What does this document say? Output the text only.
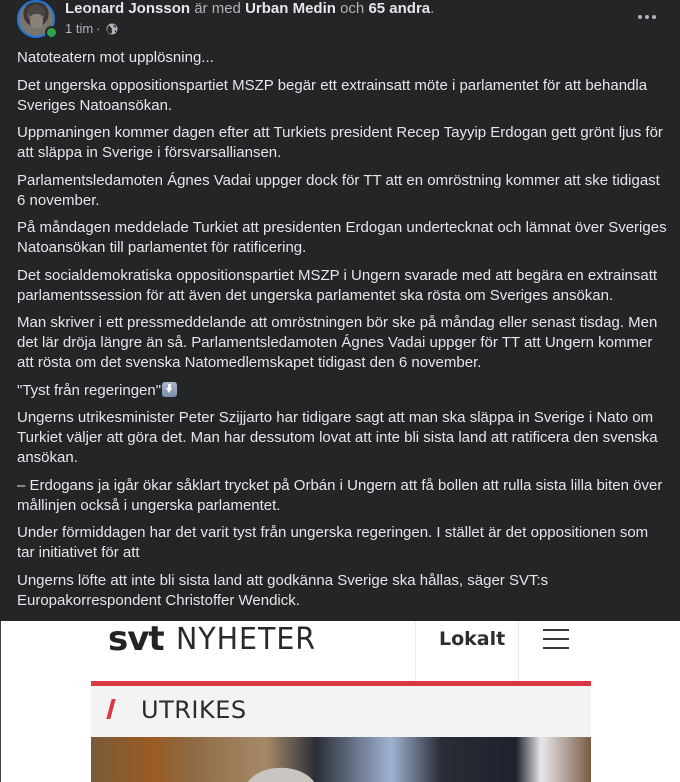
Leonard Jonsson är med Urban Medin och 65 andra.
1 tim ·

Natoteatern mot upplösning...

Det ungerska oppositionspartiet MSZP begär ett extrainsatt möte i parlamentet för att behandla Sveriges Natoansökan.

Uppmaningen kommer dagen efter att Turkiets president Recep Tayyip Erdogan gett grönt ljus för att släppa in Sverige i försvarsalliansen.

Parlamentsledamoten Ágnes Vadai uppger dock för TT att en omröstning kommer att ske tidigast 6 november.

På måndagen meddelade Turkiet att presidenten Erdogan undertecknat och lämnat över Sveriges Natoansökan till parlamentet för ratificering.

Det socialdemokratiska oppositionspartiet MSZP i Ungern svarade med att begära en extrainsatt parlamentssession för att även det ungerska parlamentet ska rösta om Sveriges ansökan.

Man skriver i ett pressmeddelande att omröstningen bör ske på måndag eller senast tisdag. Men det lär dröja längre än så. Parlamentsledamoten Ágnes Vadai uppger för TT att Ungern kommer att rösta om det svenska Natomedlemskapet tidigast den 6 november.

"Tyst från regeringen"

Ungerns utrikesminister Peter Szijjarto har tidigare sagt att man ska släppa in Sverige i Nato om Turkiet väljer att göra det. Man har dessutom lovat att inte bli sista land att ratificera den svenska ansökan.

– Erdogans ja igår ökar såklart trycket på Orbán i Ungern att få bollen att rulla sista lilla biten över mållinjen också i ungerska parlamentet.

Under förmiddagen har det varit tyst från ungerska regeringen. I stället är det oppositionen som tar initiativet för att

Ungerns löfte att inte bli sista land att godkänna Sverige ska hållas, säger SVT:s Europakorrespondent Christoffer Wendick.

svt NYHETER	Lokalt
UTRIKES
